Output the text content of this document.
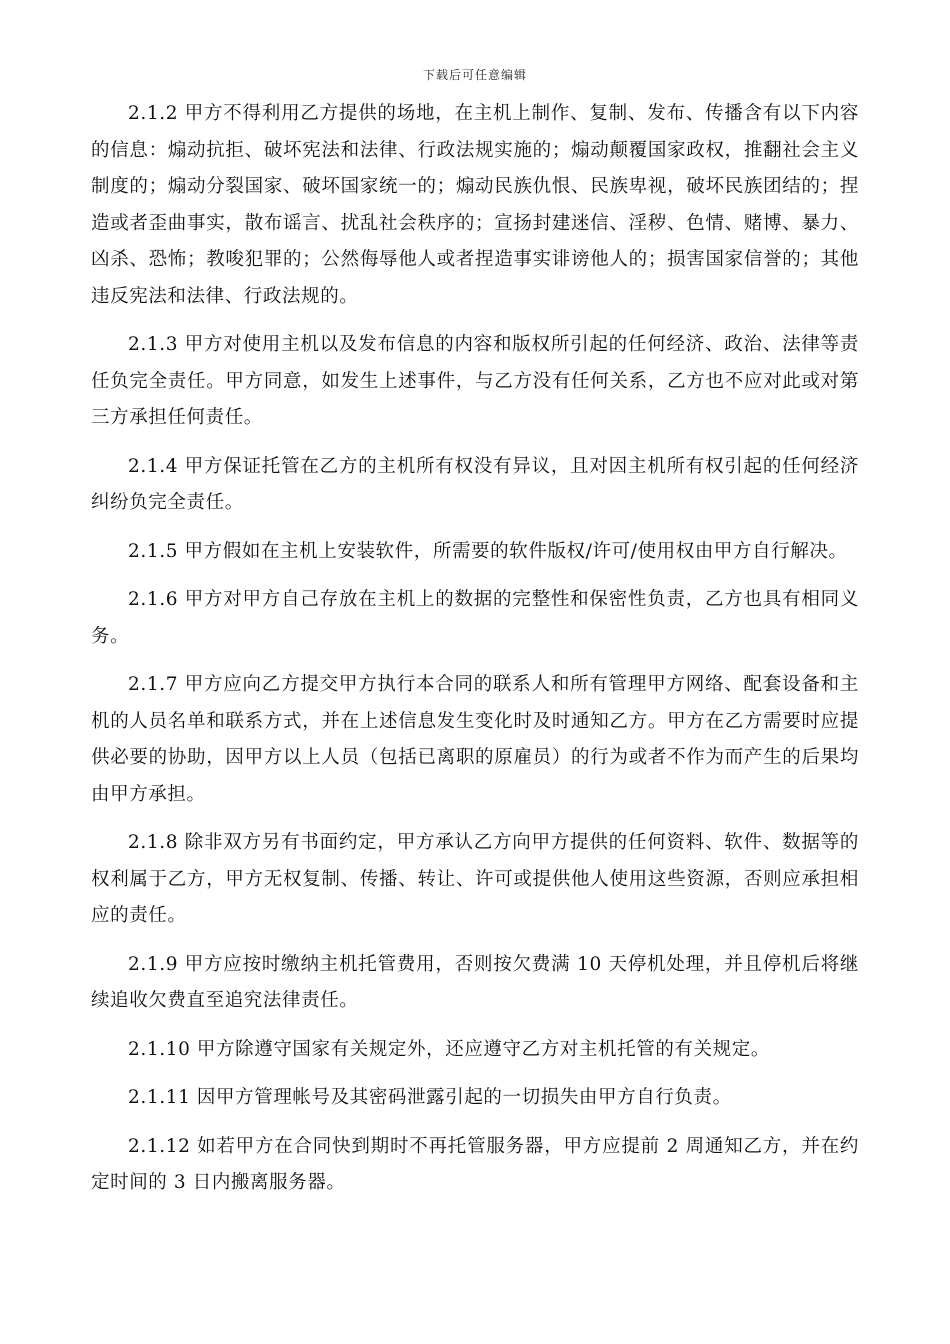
下载后可任意编辑

2.1.2 甲方不得利用乙方提供的场地，在主机上制作、复制、发布、传播含有以下内容的信息：煽动抗拒、破坏宪法和法律、行政法规实施的；煽动颠覆国家政权，推翻社会主义制度的；煽动分裂国家、破坏国家统一的；煽动民族仇恨、民族卑视，破坏民族团结的；捏造或者歪曲事实，散布谣言、扰乱社会秩序的；宣扬封建迷信、淫秽、色情、赌博、暴力、凶杀、恐怖；教唆犯罪的；公然侮辱他人或者捏造事实诽谤他人的；损害国家信誉的；其他违反宪法和法律、行政法规的。

2.1.3 甲方对使用主机以及发布信息的内容和版权所引起的任何经济、政治、法律等责任负完全责任。甲方同意，如发生上述事件，与乙方没有任何关系，乙方也不应对此或对第三方承担任何责任。

2.1.4 甲方保证托管在乙方的主机所有权没有异议，且对因主机所有权引起的任何经济纠纷负完全责任。

2.1.5 甲方假如在主机上安装软件，所需要的软件版权/许可/使用权由甲方自行解决。

2.1.6 甲方对甲方自己存放在主机上的数据的完整性和保密性负责，乙方也具有相同义务。

2.1.7 甲方应向乙方提交甲方执行本合同的联系人和所有管理甲方网络、配套设备和主机的人员名单和联系方式，并在上述信息发生变化时及时通知乙方。甲方在乙方需要时应提供必要的协助，因甲方以上人员（包括已离职的原雇员）的行为或者不作为而产生的后果均由甲方承担。

2.1.8 除非双方另有书面约定，甲方承认乙方向甲方提供的任何资料、软件、数据等的权利属于乙方，甲方无权复制、传播、转让、许可或提供他人使用这些资源，否则应承担相应的责任。

2.1.9 甲方应按时缴纳主机托管费用，否则按欠费满 10 天停机处理，并且停机后将继续追收欠费直至追究法律责任。

2.1.10 甲方除遵守国家有关规定外，还应遵守乙方对主机托管的有关规定。

2.1.11 因甲方管理帐号及其密码泄露引起的一切损失由甲方自行负责。

2.1.12 如若甲方在合同快到期时不再托管服务器，甲方应提前 2 周通知乙方，并在约定时间的 3 日内搬离服务器。
